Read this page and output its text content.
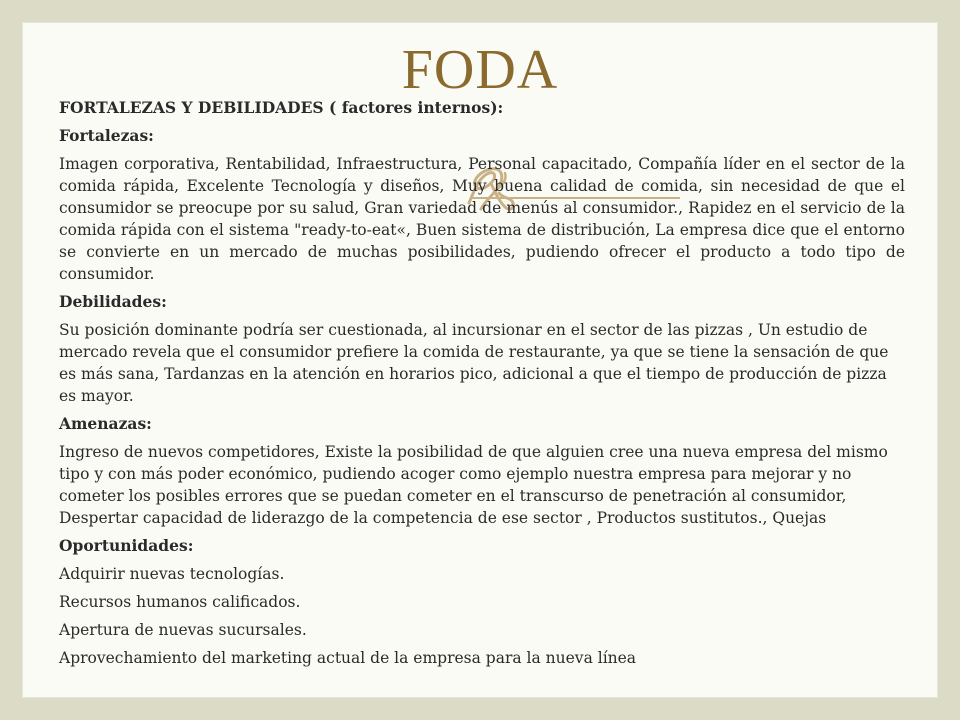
FODA

FORTALEZAS Y DEBILIDADES ( factores internos):

Fortalezas:

Imagen corporativa, Rentabilidad, Infraestructura, Personal capacitado, Compañía líder en el sector de la comida rápida, Excelente Tecnología y diseños, Muy buena calidad de comida, sin necesidad de que el consumidor se preocupe por su salud, Gran variedad de menús al consumidor., Rapidez en el servicio de la comida rápida con el sistema "ready-to-eat«, Buen sistema de distribución, La empresa dice que el entorno se convierte en un mercado de muchas posibilidades, pudiendo ofrecer el producto a todo tipo de consumidor.

Debilidades:

Su posición dominante podría ser cuestionada, al incursionar en el sector de las pizzas , Un estudio de mercado revela que el consumidor prefiere la comida de restaurante, ya que se tiene la sensación de que es más sana, Tardanzas en la atención en horarios pico, adicional a que el tiempo de producción de pizza es mayor.

Amenazas:

Ingreso de nuevos competidores, Existe la posibilidad de que alguien cree una nueva empresa del mismo tipo y con más poder económico, pudiendo acoger como ejemplo nuestra empresa para mejorar y no cometer los posibles errores que se puedan cometer en el transcurso de penetración al consumidor, Despertar capacidad de liderazgo de la competencia de ese sector , Productos sustitutos., Quejas

Oportunidades:

Adquirir nuevas tecnologías.

Recursos humanos calificados.

Apertura de nuevas sucursales.

Aprovechamiento del marketing actual de la empresa para la nueva línea
